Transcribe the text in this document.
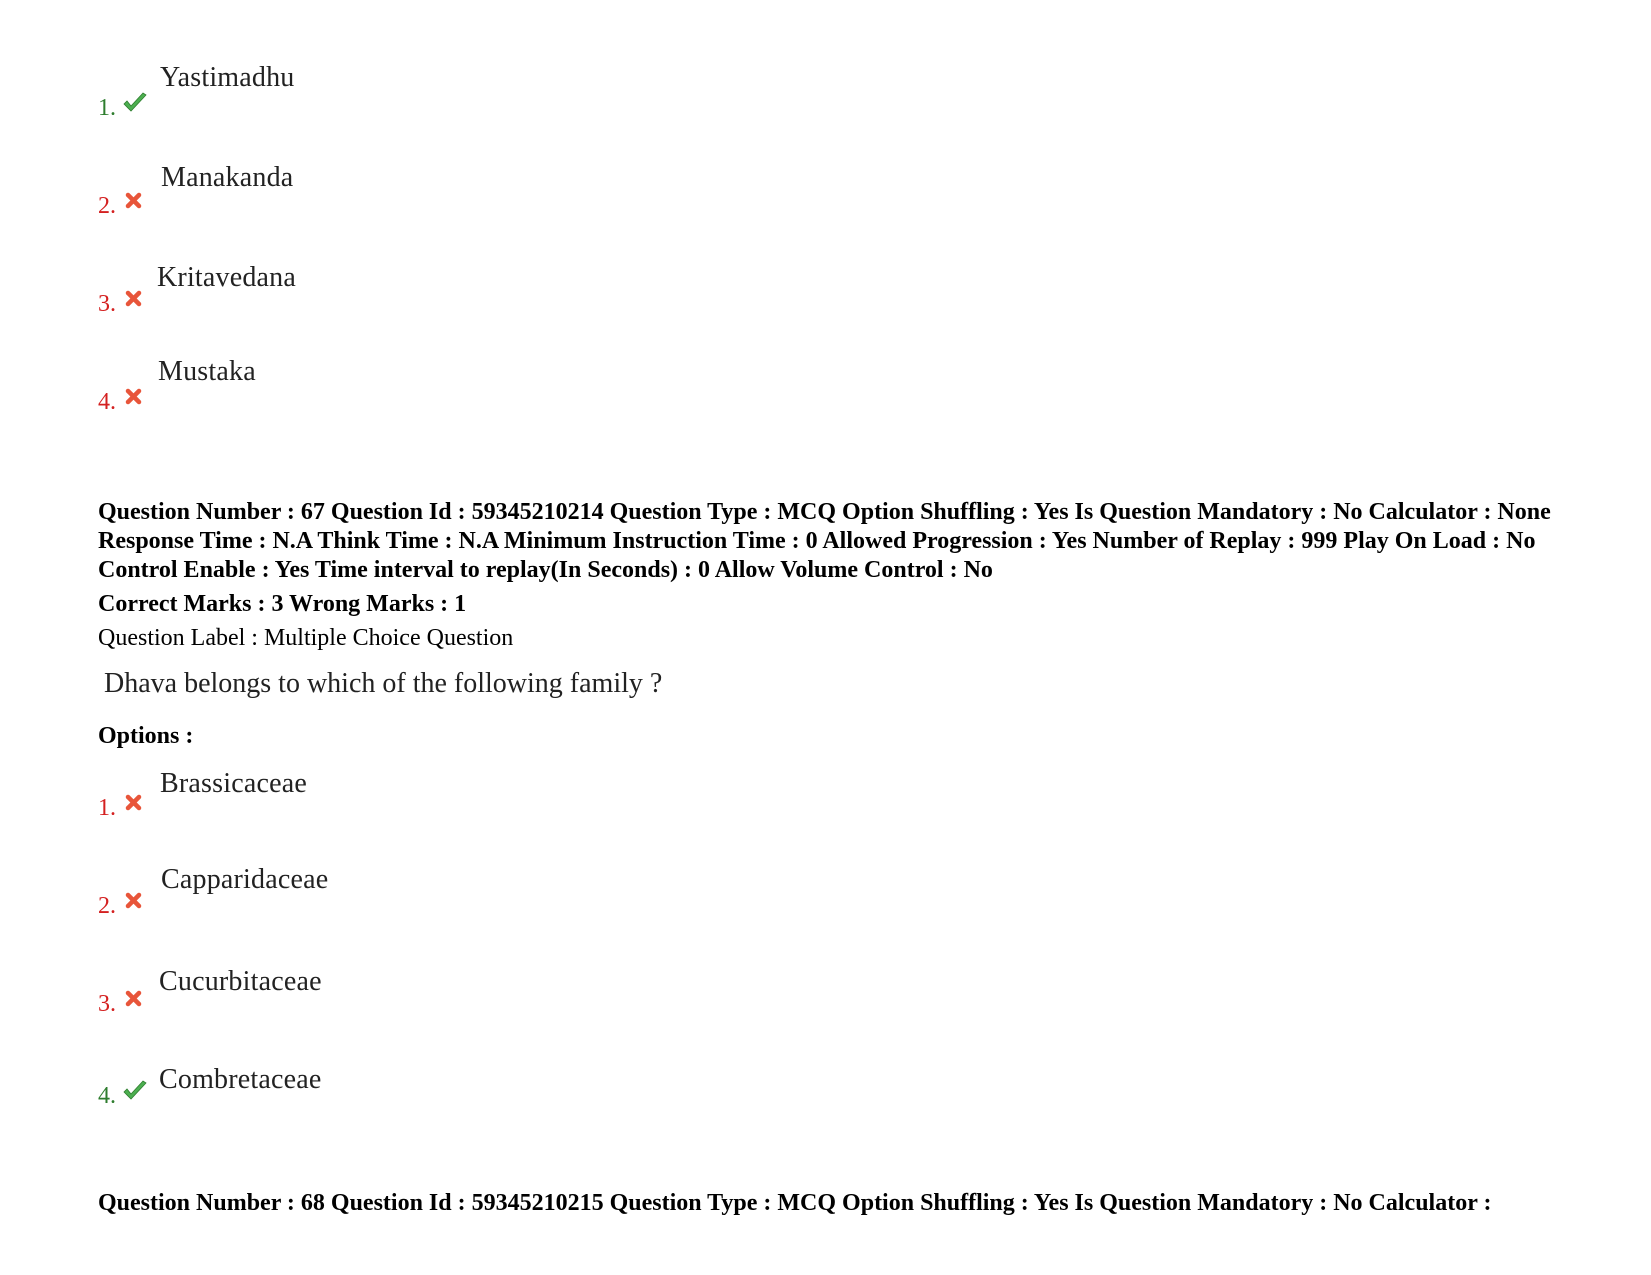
1.
Yastimadhu
2.
Manakanda
3.
Kritavedana
4.
Mustaka
Question Number : 67 Question Id : 59345210214 Question Type : MCQ Option Shuffling : Yes Is Question Mandatory : No Calculator : None Response Time : N.A Think Time : N.A Minimum Instruction Time : 0 Allowed Progression : Yes Number of Replay : 999 Play On Load : No Control Enable : Yes Time interval to replay(In Seconds) : 0 Allow Volume Control : No
Correct Marks : 3 Wrong Marks : 1
Question Label : Multiple Choice Question
Dhava belongs to which of the following family ?
Options :
1.
Brassicaceae
2.
Capparidaceae
3.
Cucurbitaceae
4.
Combretaceae
Question Number : 68 Question Id : 59345210215 Question Type : MCQ Option Shuffling : Yes Is Question Mandatory : No Calculator :
